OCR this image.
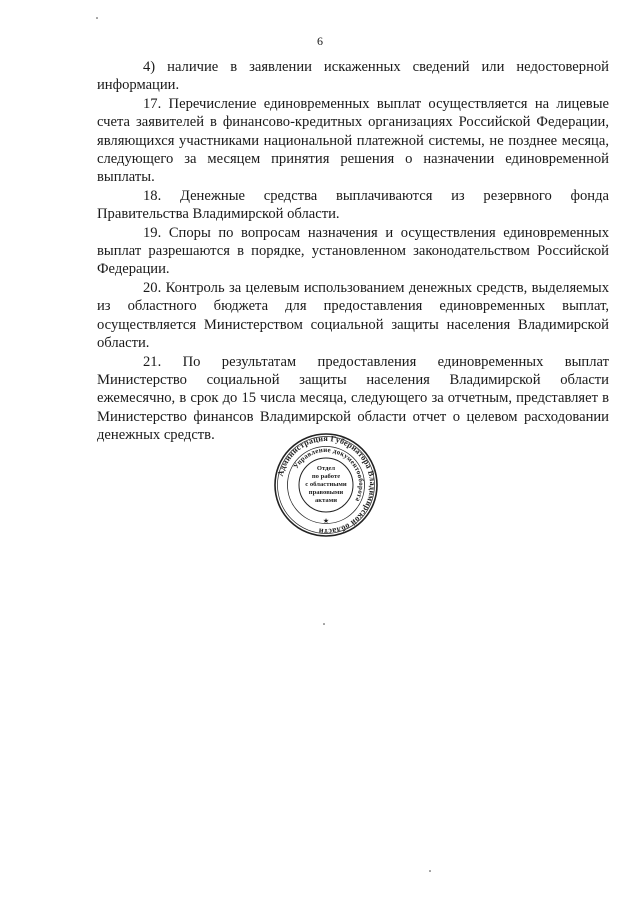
6

4) наличие в заявлении искаженных сведений или недостоверной информации.

17. Перечисление единовременных выплат осуществляется на лицевые счета заявителей в финансово-кредитных организациях Российской Федерации, являющихся участниками национальной платежной системы, не позднее месяца, следующего за месяцем принятия решения о назначении единовременной выплаты.

18. Денежные средства выплачиваются из резервного фонда Правительства Владимирской области.

19. Споры по вопросам назначения и осуществления единовременных выплат разрешаются в порядке, установленном законодательством Российской Федерации.

20. Контроль за целевым использованием денежных средств, выделяемых из областного бюджета для предоставления единовременных выплат, осуществляется Министерством социальной защиты населения Владимирской области.

21. По результатам предоставления единовременных выплат Министерство социальной защиты населения Владимирской области ежемесячно, в срок до 15 числа месяца, следующего за отчетным, представляет в Министерство финансов Владимирской области отчет о целевом расходовании денежных средств.

Администрация Губернатора Владимирской области
Управление документооборота
Отдел
по работе
с областными
правовыми
актами
★
